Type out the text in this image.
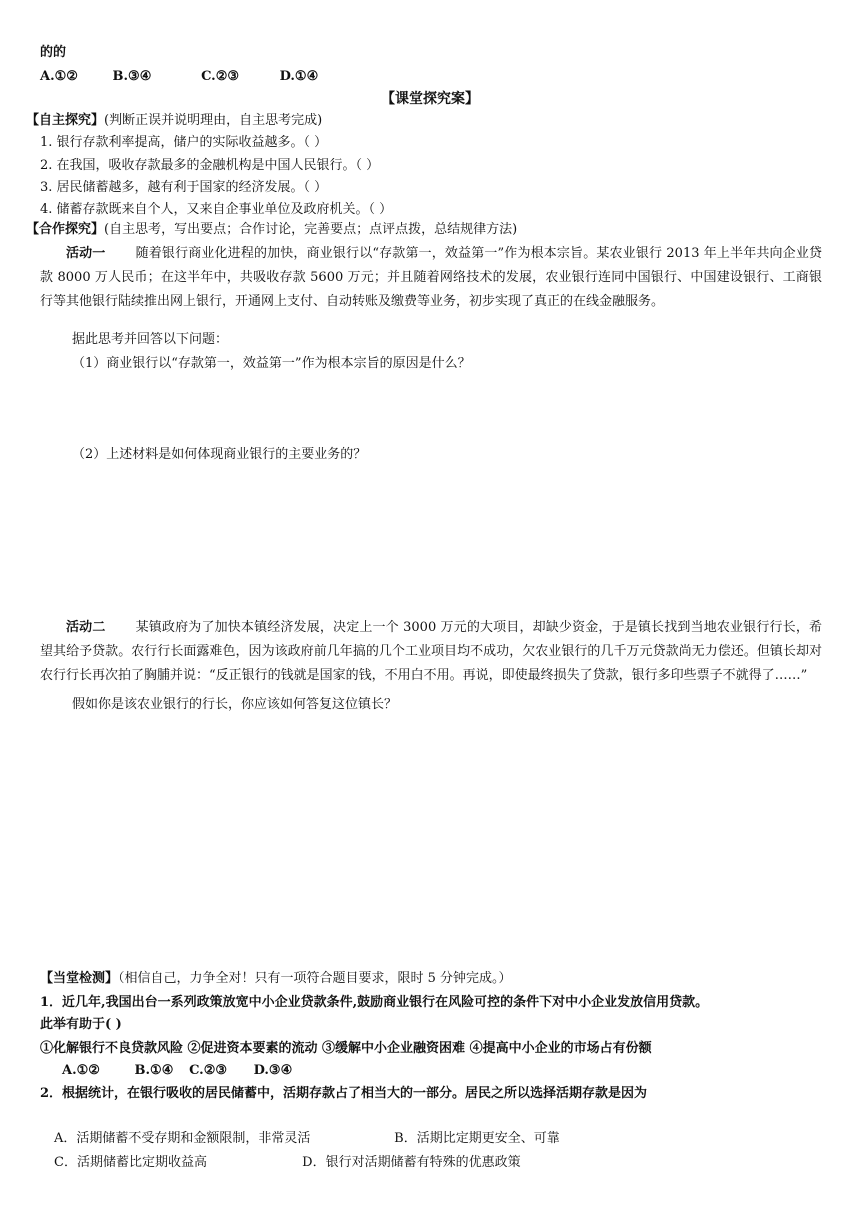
的的
A.①②	B.③④	C.②③	D.①④
【课堂探究案】
【自主探究】(判断正误并说明理由，自主思考完成)
1. 银行存款利率提高，储户的实际收益越多。（ ）
2. 在我国，吸收存款最多的金融机构是中国人民银行。（ ）
3. 居民储蓄越多，越有利于国家的经济发展。（ ）
4. 储蓄存款既来自个人，又来自企事业单位及政府机关。（ ）
【合作探究】(自主思考，写出要点；合作讨论，完善要点；点评点拨，总结规律方法)
活动一 随着银行商业化进程的加快，商业银行以“存款第一，效益第一”作为根本宗旨。某农业银行 2013 年上半年共向企业贷款 8000 万人民币；在这半年中，共吸收存款 5600 万元；并且随着网络技术的发展，农业银行连同中国银行、中国建设银行、工商银行等其他银行陆续推出网上银行，开通网上支付、自动转账及缴费等业务，初步实现了真正的在线金融服务。
据此思考并回答以下问题：
（1）商业银行以“存款第一，效益第一”作为根本宗旨的原因是什么？
（2）上述材料是如何体现商业银行的主要业务的？
活动二 某镇政府为了加快本镇经济发展，决定上一个 3000 万元的大项目，却缺少资金，于是镇长找到当地农业银行行长，希望其给予贷款。农行行长面露难色，因为该政府前几年搞的几个工业项目均不成功，欠农业银行的几千万元贷款尚无力偿还。但镇长却对农行行长再次拍了胸脯并说：“反正银行的钱就是国家的钱，不用白不用。再说，即使最终损失了贷款，银行多印些票子不就得了……”
假如你是该农业银行的行长，你应该如何答复这位镇长？
【当堂检测】（相信自己，力争全对！只有一项符合题目要求，限时 5 分钟完成。）
1．近几年,我国出台一系列政策放宽中小企业贷款条件,鼓励商业银行在风险可控的条件下对中小企业发放信用贷款。
此举有助于( )
①化解银行不良贷款风险 ②促进资本要素的流动 ③缓解中小企业融资困难 ④提高中小企业的市场占有份额
A.①②	B.①④ C.②③ D.③④
2．根据统计，在银行吸收的居民储蓄中，活期存款占了相当大的一部分。居民之所以选择活期存款是因为
A．活期储蓄不受存期和金额限制，非常灵活	B．活期比定期更安全、可靠
C．活期储蓄比定期收益高	D．银行对活期储蓄有特殊的优惠政策
